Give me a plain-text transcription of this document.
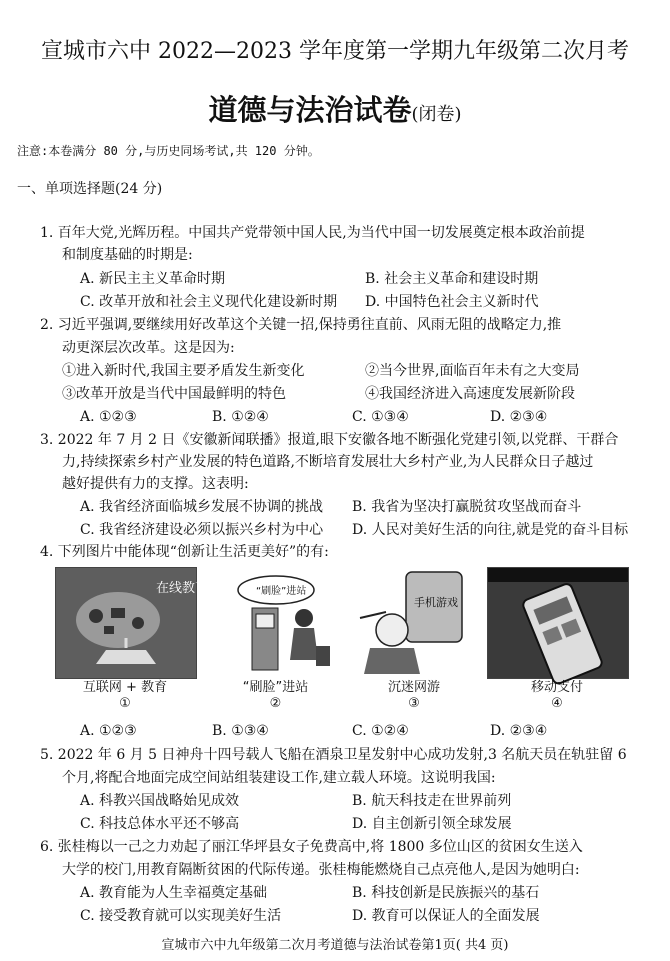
宣城市六中 2022—2023 学年度第一学期九年级第二次月考
道德与法治试卷(闭卷)
注意:本卷满分 80 分,与历史同场考试,共 120 分钟。
一、单项选择题(24 分)
1. 百年大党,光辉历程。中国共产党带领中国人民,为当代中国一切发展奠定根本政治前提
和制度基础的时期是:
A. 新民主主义革命时期	B. 社会主义革命和建设时期
C. 改革开放和社会主义现代化建设新时期 D. 中国特色社会主义新时代
2. 习近平强调,要继续用好改革这个关键一招,保持勇往直前、风雨无阻的战略定力,推
动更深层次改革。这是因为:
①进入新时代,我国主要矛盾发生新变化	②当今世界,面临百年未有之大变局
③改革开放是当代中国最鲜明的特色	④我国经济进入高速度发展新阶段
A. ①②③	B. ①②④	C. ①③④	D. ②③④
3. 2022 年 7 月 2 日《安徽新闻联播》报道,眼下安徽各地不断强化党建引领,以党群、干群合
力,持续探索乡村产业发展的特色道路,不断培育发展壮大乡村产业,为人民群众日子越过
越好提供有力的支撑。这表明:
A. 我省经济面临城乡发展不协调的挑战 B. 我省为坚决打赢脱贫攻坚战而奋斗
C. 我省经济建设必须以振兴乡村为中心 D. 人民对美好生活的向往,就是党的奋斗目标
4. 下列图片中能体现“创新让生活更美好”的有:
在线教育
互联网 + 教育
①
“刷脸”进站
“刷脸”进站
②
手机游戏
沉迷网游
③
移动支付
④
A. ①②③	B. ①③④	C. ①②④	D. ②③④
5. 2022 年 6 月 5 日神舟十四号载人飞船在酒泉卫星发射中心成功发射,3 名航天员在轨驻留 6
个月,将配合地面完成空间站组装建设工作,建立载人环境。这说明我国:
A. 科教兴国战略始见成效	B. 航天科技走在世界前列
C. 科技总体水平还不够高	D. 自主创新引领全球发展
6. 张桂梅以一己之力劝起了丽江华坪县女子免费高中,将 1800 多位山区的贫困女生送入
大学的校门,用教育隔断贫困的代际传递。张桂梅能燃烧自己点亮他人,是因为她明白:
A. 教育能为人生幸福奠定基础	B. 科技创新是民族振兴的基石
C. 接受教育就可以实现美好生活	D. 教育可以保证人的全面发展
宣城市六中九年级第二次月考道德与法治试卷第1页( 共4 页)
